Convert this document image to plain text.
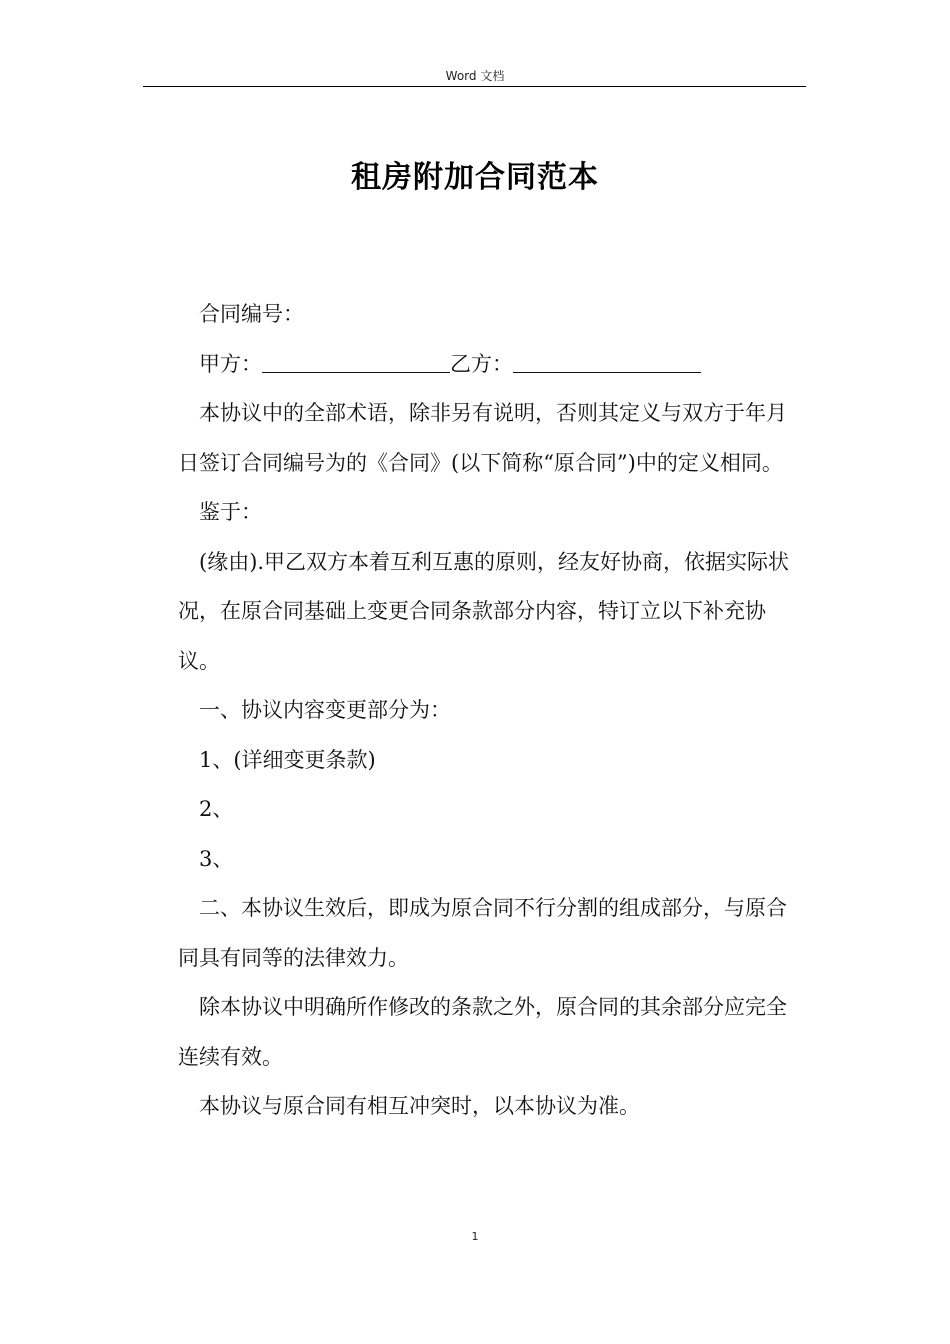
Word 文档
租房附加合同范本

合同编号：

甲方：	乙方：

本协议中的全部术语，除非另有说明，否则其定义与双方于年月日签订合同编号为的《合同》(以下简称“原合同”)中的定义相同。

鉴于：

(缘由).甲乙双方本着互利互惠的原则，经友好协商，依据实际状况，在原合同基础上变更合同条款部分内容，特订立以下补充协议。

一、协议内容变更部分为：

1、(详细变更条款)

2、

3、

二、本协议生效后，即成为原合同不行分割的组成部分，与原合同具有同等的法律效力。

除本协议中明确所作修改的条款之外，原合同的其余部分应完全连续有效。

本协议与原合同有相互冲突时，以本协议为准。

1
